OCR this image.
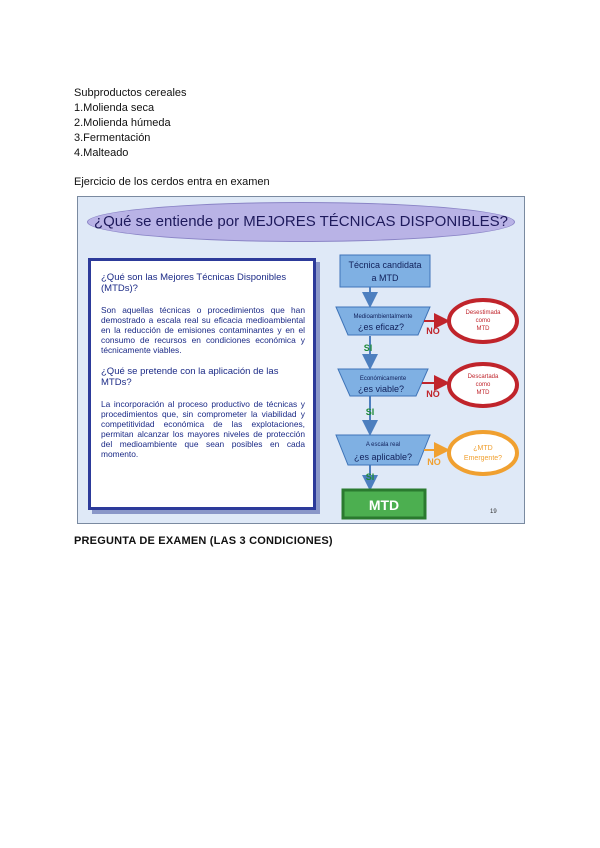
Subproductos cereales
1.Molienda seca
2.Molienda húmeda
3.Fermentación
4.Malteado
Ejercicio de los cerdos entra en examen
¿Qué se entiende por MEJORES TÉCNICAS DISPONIBLES?
¿Qué son las Mejores Técnicas Disponibles (MTDs)?
Son aquellas técnicas o procedimientos que han demostrado a escala real su eficacia medioambiental en la reducción de emisiones contaminantes y en el consumo de recursos en condiciones económica y técnicamente viables.
¿Qué se pretende con la aplicación de las MTDs?
La incorporación al proceso productivo de técnicas y procedimientos que, sin comprometer la viabilidad y competitividad económica de las explotaciones, permitan alcanzar los mayores niveles de protección del medioambiente que sean posibles en cada momento.
Técnica candidata
a MTD
Medioambientalmente
¿es eficaz?
Económicamente
¿es viable?
A escala real
¿es aplicable?
SI
SI
SI
NO
NO
NO
Desestimada
como
MTD
Descartada
como
MTD
¿MTD
Emergente?
MTD	19
PREGUNTA DE EXAMEN (LAS 3 CONDICIONES)
